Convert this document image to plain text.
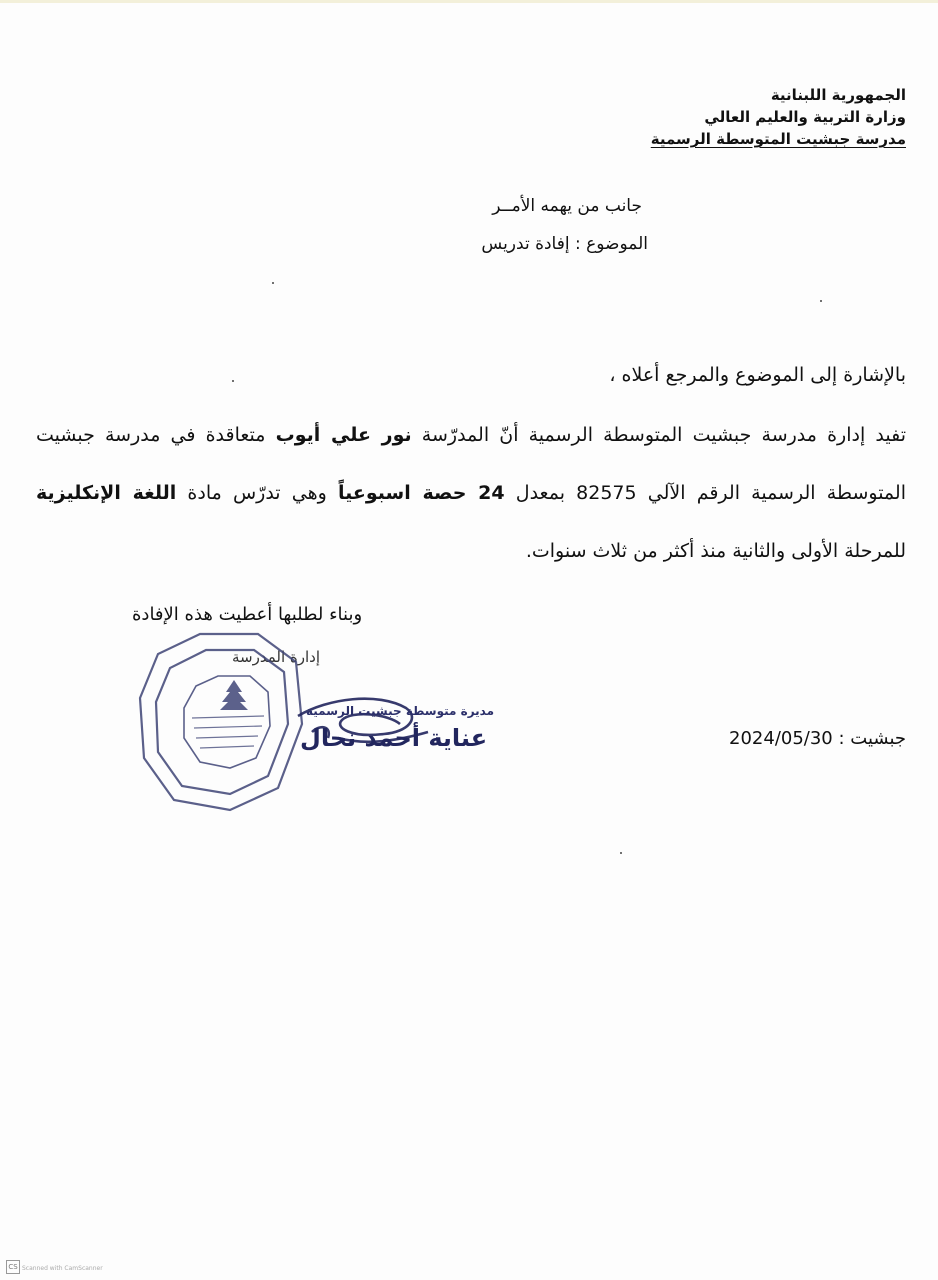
الجمهورية اللبنانية
وزارة التربية والعليم العالي
مدرسة جبشيت المتوسطة الرسمية
جانب من يهمه الأمــر
الموضوع : إفادة تدريس

بالإشارة إلى الموضوع والمرجع أعلاه ،

تفيد إدارة مدرسة جبشيت المتوسطة الرسمية أنّ المدرّسة نور علي أيوب متعاقدة في مدرسة جبشيت المتوسطة الرسمية الرقم الآلي 82575 بمعدل 24 حصة اسبوعياً وهي تدرّس مادة اللغة الإنكليزية للمرحلة الأولى والثانية منذ أكثر من ثلاث سنوات.

وبناء لطلبها أعطيت هذه الإفادة
إدارة المدرسة
مديرة متوسطة جبشيت الرسمية
عناية أحمد نحال	جبشيت : 2024/05/30
CS Scanned with CamScanner
